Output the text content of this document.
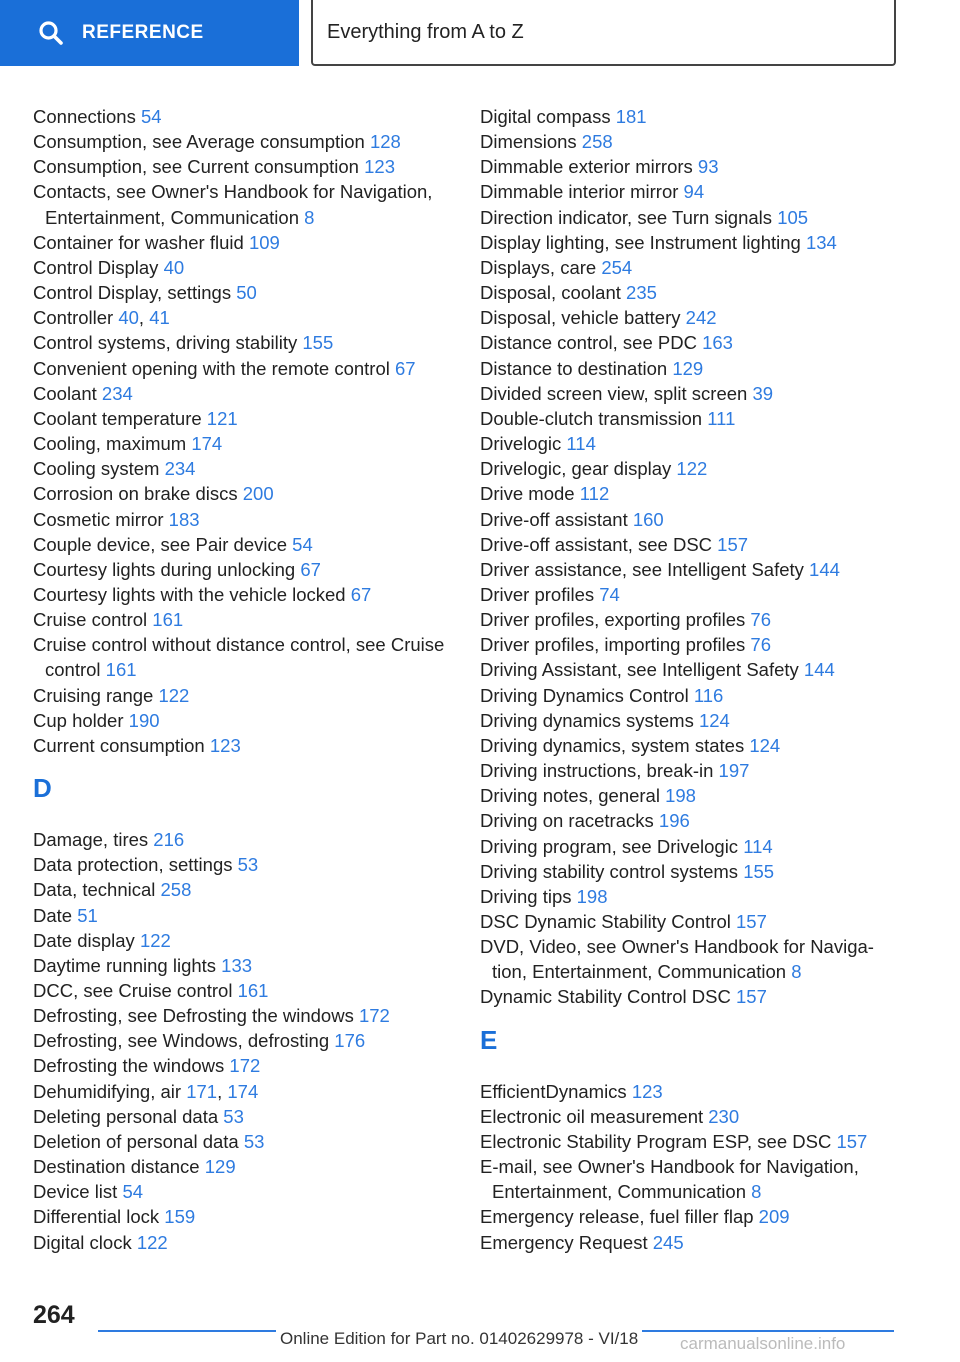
REFERENCE	Everything from A to Z
Connections 54
Consumption, see Average consumption 128
Consumption, see Current consumption 123
Contacts, see Owner's Handbook for Navigation, Entertainment, Communication 8
Container for washer fluid 109
Control Display 40
Control Display, settings 50
Controller 40, 41
Control systems, driving stability 155
Convenient opening with the remote control 67
Coolant 234
Coolant temperature 121
Cooling, maximum 174
Cooling system 234
Corrosion on brake discs 200
Cosmetic mirror 183
Couple device, see Pair device 54
Courtesy lights during unlocking 67
Courtesy lights with the vehicle locked 67
Cruise control 161
Cruise control without distance control, see Cruise control 161
Cruising range 122
Cup holder 190
Current consumption 123
D
Damage, tires 216
Data protection, settings 53
Data, technical 258
Date 51
Date display 122
Daytime running lights 133
DCC, see Cruise control 161
Defrosting, see Defrosting the windows 172
Defrosting, see Windows, defrosting 176
Defrosting the windows 172
Dehumidifying, air 171, 174
Deleting personal data 53
Deletion of personal data 53
Destination distance 129
Device list 54
Differential lock 159
Digital clock 122
Digital compass 181
Dimensions 258
Dimmable exterior mirrors 93
Dimmable interior mirror 94
Direction indicator, see Turn signals 105
Display lighting, see Instrument lighting 134
Displays, care 254
Disposal, coolant 235
Disposal, vehicle battery 242
Distance control, see PDC 163
Distance to destination 129
Divided screen view, split screen 39
Double-clutch transmission 111
Drivelogic 114
Drivelogic, gear display 122
Drive mode 112
Drive-off assistant 160
Drive-off assistant, see DSC 157
Driver assistance, see Intelligent Safety 144
Driver profiles 74
Driver profiles, exporting profiles 76
Driver profiles, importing profiles 76
Driving Assistant, see Intelligent Safety 144
Driving Dynamics Control 116
Driving dynamics systems 124
Driving dynamics, system states 124
Driving instructions, break-in 197
Driving notes, general 198
Driving on racetracks 196
Driving program, see Drivelogic 114
Driving stability control systems 155
Driving tips 198
DSC Dynamic Stability Control 157
DVD, Video, see Owner's Handbook for Naviga-tion, Entertainment, Communication 8
Dynamic Stability Control DSC 157
E
EfficientDynamics 123
Electronic oil measurement 230
Electronic Stability Program ESP, see DSC 157
E-mail, see Owner's Handbook for Navigation, Entertainment, Communication 8
Emergency release, fuel filler flap 209
Emergency Request 245
264
Online Edition for Part no. 01402629978 - VI/18 carmanualsonline.info
